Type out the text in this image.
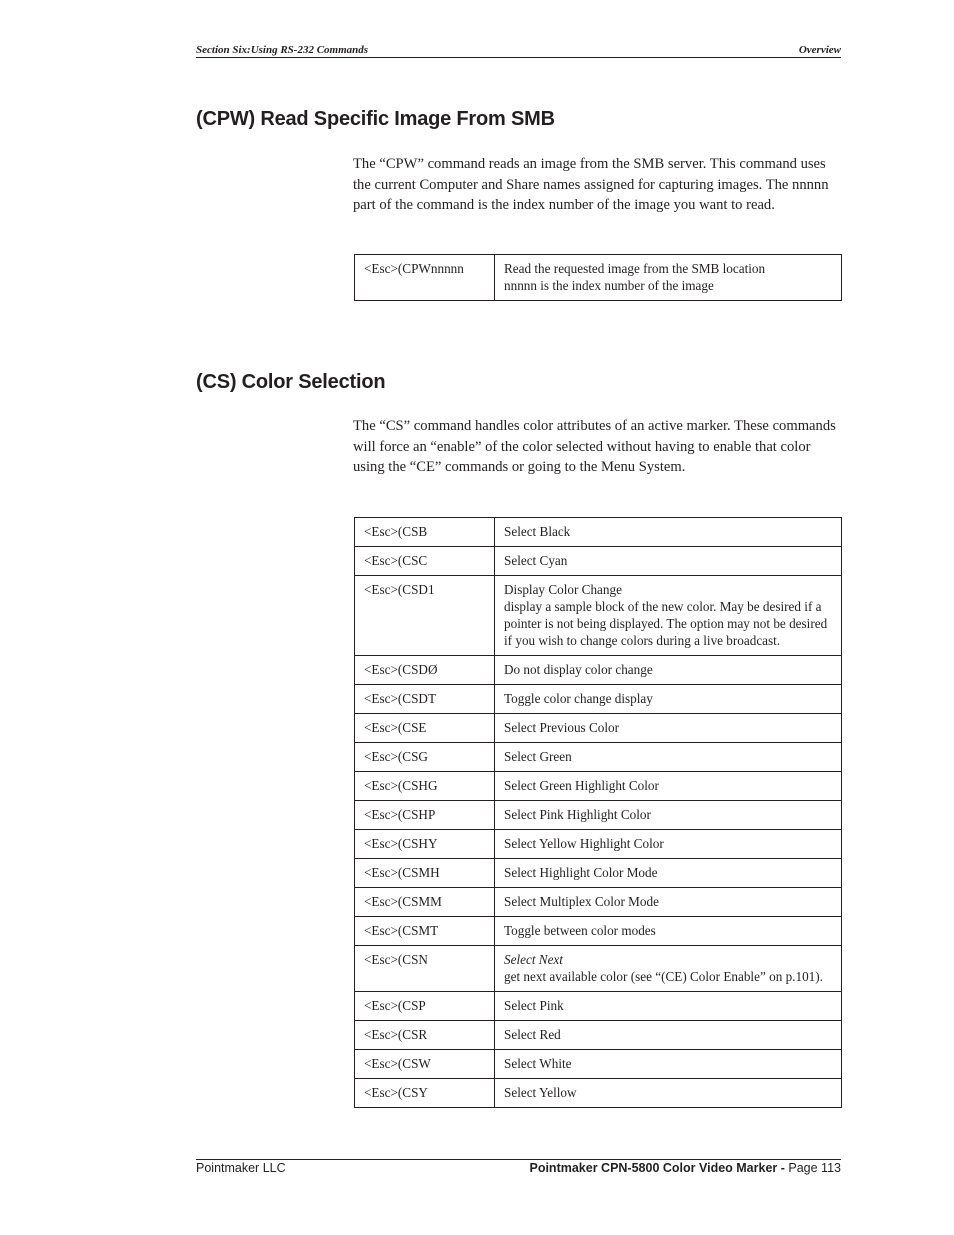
Section Six:Using RS-232 Commands	Overview
(CPW) Read Specific Image From SMB

The “CPW” command reads an image from the SMB server. This command uses the current Computer and Share names assigned for capturing images. The nnnnn part of the command is the index number of the image you want to read.

<Esc>(CPWnnnnn	Read the requested image from the SMB location
nnnnn is the index number of the image
(CS) Color Selection

The “CS” command handles color attributes of an active marker. These commands will force an “enable” of the color selected without having to enable that color using the “CE” commands or going to the Menu System.

<Esc>(CSB	Select Black

<Esc>(CSC	Select Cyan

<Esc>(CSD1	Display Color Change
display a sample block of the new color. May be desired if a pointer is not being displayed. The option may not be desired if you wish to change colors during a live broadcast.

<Esc>(CSDØ	Do not display color change

<Esc>(CSDT	Toggle color change display

<Esc>(CSE	Select Previous Color

<Esc>(CSG	Select Green

<Esc>(CSHG	Select Green Highlight Color

<Esc>(CSHP	Select Pink Highlight Color

<Esc>(CSHY	Select Yellow Highlight Color

<Esc>(CSMH	Select Highlight Color Mode

<Esc>(CSMM	Select Multiplex Color Mode

<Esc>(CSMT	Toggle between color modes

<Esc>(CSN	Select Next
get next available color (see “(CE) Color Enable” on p.101).

<Esc>(CSP	Select Pink

<Esc>(CSR	Select Red

<Esc>(CSW	Select White

<Esc>(CSY	Select Yellow
Pointmaker LLC	Pointmaker CPN-5800 Color Video Marker - Page 113
